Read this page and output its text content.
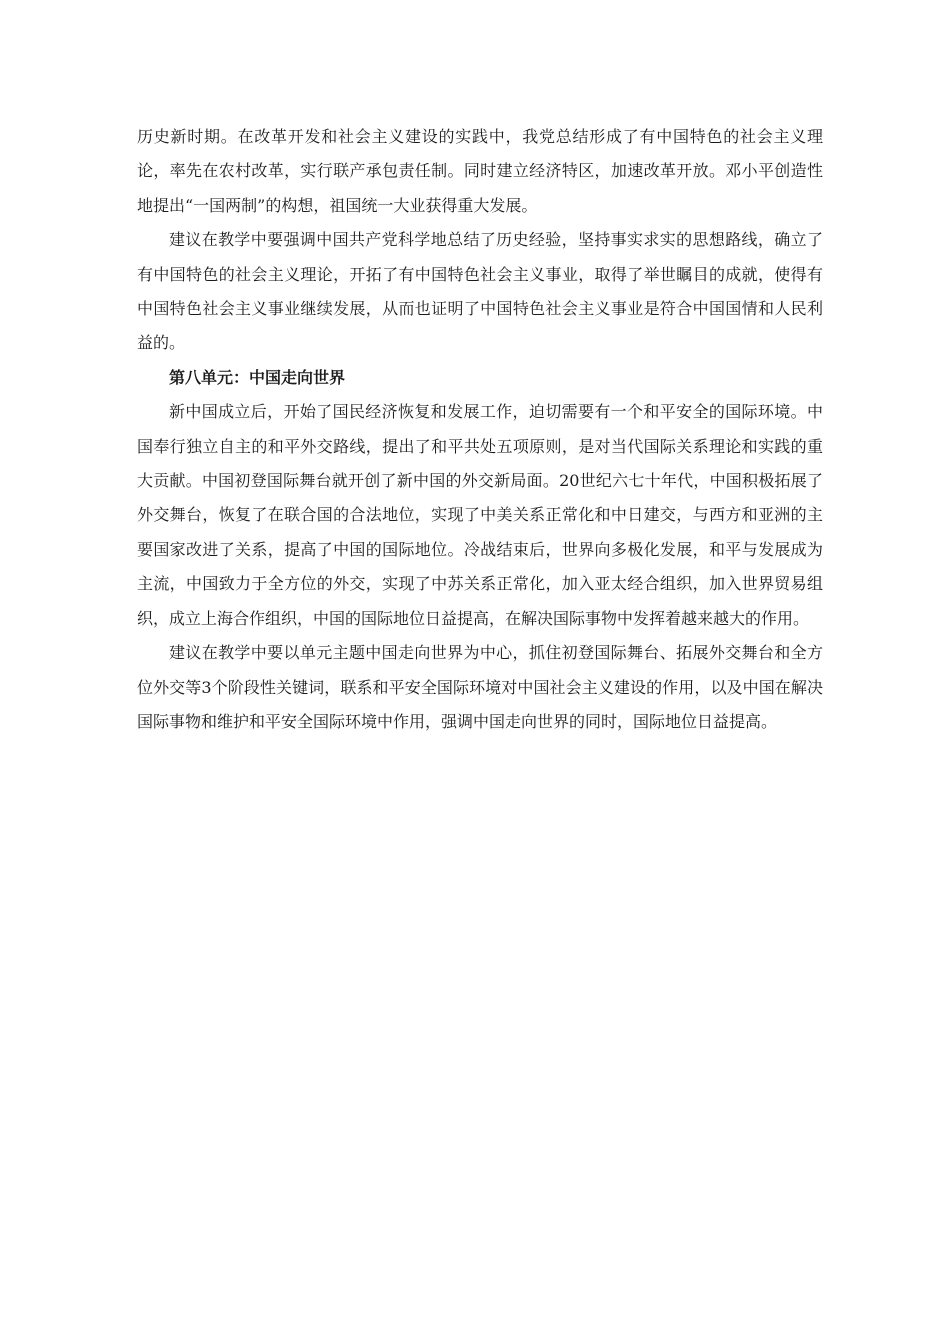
历史新时期。在改革开发和社会主义建设的实践中，我党总结形成了有中国特色的社会主义理论，率先在农村改革，实行联产承包责任制。同时建立经济特区，加速改革开放。邓小平创造性地提出“一国两制”的构想，祖国统一大业获得重大发展。

建议在教学中要强调中国共产党科学地总结了历史经验，坚持事实求实的思想路线，确立了有中国特色的社会主义理论，开拓了有中国特色社会主义事业，取得了举世瞩目的成就，使得有中国特色社会主义事业继续发展，从而也证明了中国特色社会主义事业是符合中国国情和人民利益的。

第八单元：中国走向世界

新中国成立后，开始了国民经济恢复和发展工作，迫切需要有一个和平安全的国际环境。中国奉行独立自主的和平外交路线，提出了和平共处五项原则，是对当代国际关系理论和实践的重大贡献。中国初登国际舞台就开创了新中国的外交新局面。20世纪六七十年代，中国积极拓展了外交舞台，恢复了在联合国的合法地位，实现了中美关系正常化和中日建交，与西方和亚洲的主要国家改进了关系，提高了中国的国际地位。冷战结束后，世界向多极化发展，和平与发展成为主流，中国致力于全方位的外交，实现了中苏关系正常化，加入亚太经合组织，加入世界贸易组织，成立上海合作组织，中国的国际地位日益提高，在解决国际事物中发挥着越来越大的作用。

建议在教学中要以单元主题中国走向世界为中心，抓住初登国际舞台、拓展外交舞台和全方位外交等3个阶段性关键词，联系和平安全国际环境对中国社会主义建设的作用，以及中国在解决国际事物和维护和平安全国际环境中作用，强调中国走向世界的同时，国际地位日益提高。
